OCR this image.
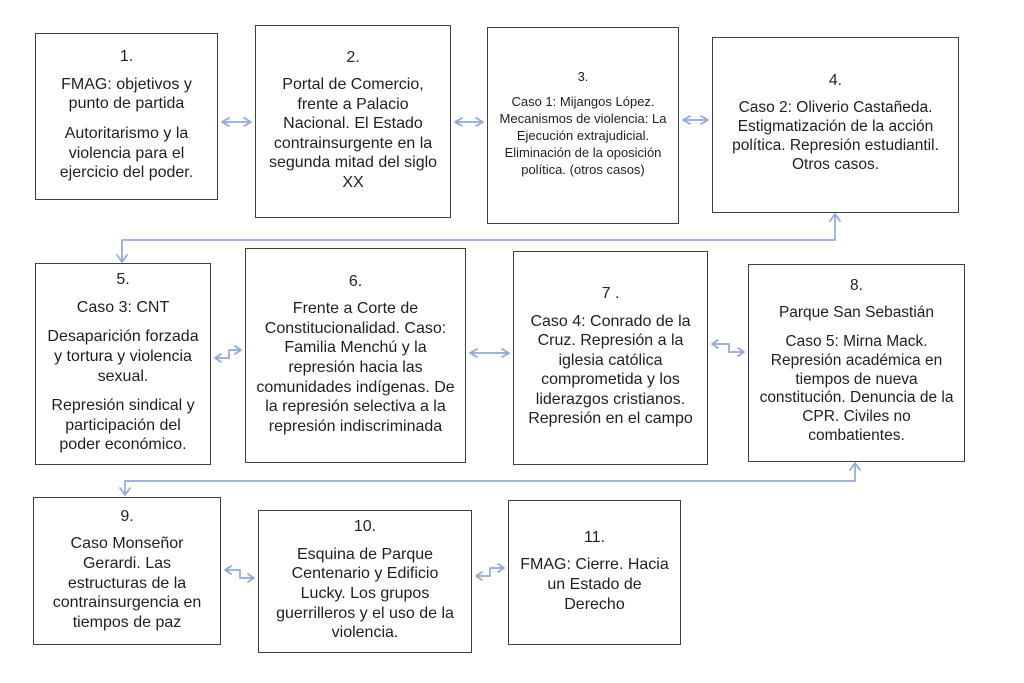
1.

FMAG: objetivos y punto de partida

Autoritarismo y la violencia para el ejercicio del poder.

2.

Portal de Comercio, frente a Palacio Nacional. El Estado contrainsurgente en la segunda mitad del siglo XX

3.

Caso 1: Mijangos López. Mecanismos de violencia: La Ejecución extrajudicial. Eliminación de la oposición política. (otros casos)

4.

Caso 2: Oliverio Castañeda. Estigmatización de la acción política. Represión estudiantil. Otros casos.

5.

Caso 3: CNT

Desaparición forzada y tortura y violencia sexual.

Represión sindical y participación del poder económico.

6.

Frente a Corte de Constitucionalidad. Caso: Familia Menchú y la represión hacia las comunidades indígenas. De la represión selectiva a la represión indiscriminada

7 .

Caso 4: Conrado de la Cruz. Represión a la iglesia católica comprometida y los liderazgos cristianos. Represión en el campo

8.

Parque San Sebastián

Caso 5: Mirna Mack. Represión académica en tiempos de nueva constitución. Denuncia de la CPR. Civiles no combatientes.

9.

Caso Monseñor Gerardi. Las estructuras de la contrainsurgencia en tiempos de paz

10.

Esquina de Parque Centenario y Edificio Lucky. Los grupos guerrilleros y el uso de la violencia.

11.

FMAG: Cierre. Hacia un Estado de Derecho
